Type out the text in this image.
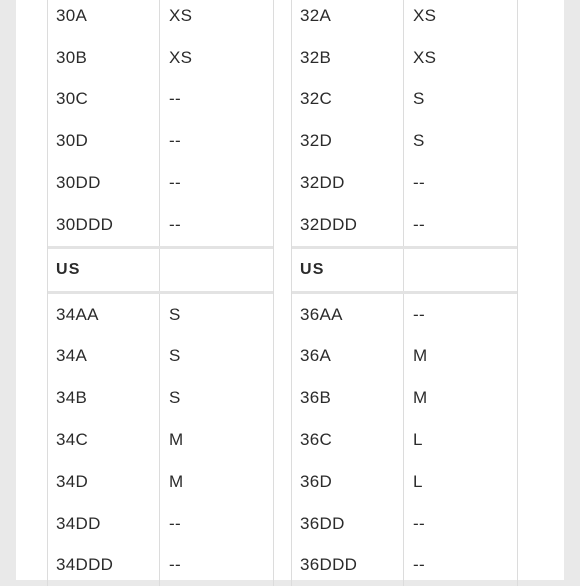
30A	XS
30B	XS
30C	--
30D	--
30DD	--
30DDD	--
US
34AA	S
34A	S
34B	S
34C	M
34D	M
34DD	--
34DDD	--
32A	XS
32B	XS
32C	S
32D	S
32DD	--
32DDD	--
US
36AA	--
36A	M
36B	M
36C	L
36D	L
36DD	--
36DDD	--
